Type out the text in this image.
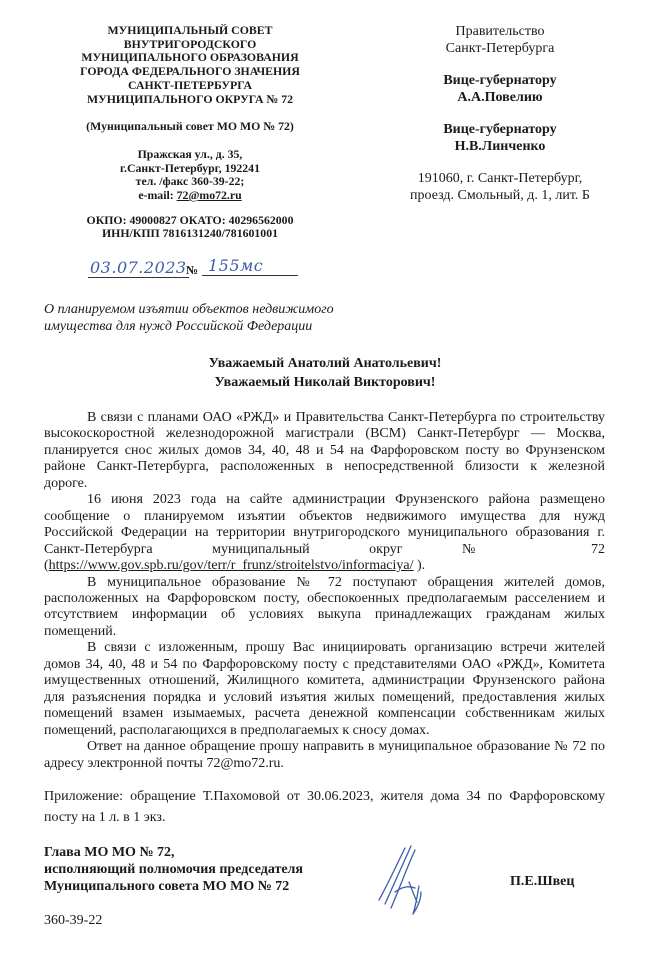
МУНИЦИПАЛЬНЫЙ СОВЕТ
ВНУТРИГОРОДСКОГО
МУНИЦИПАЛЬНОГО ОБРАЗОВАНИЯ
ГОРОДА ФЕДЕРАЛЬНОГО ЗНАЧЕНИЯ
САНКТ-ПЕТЕРБУРГА
МУНИЦИПАЛЬНОГО ОКРУГА № 72
(Муниципальный совет МО МО № 72)
Пражская ул., д. 35,
г.Санкт-Петербург, 192241
тел. /факс 360-39-22;
e-mail: 72@mo72.ru
ОКПО: 49000827 ОКАТО: 40296562000
ИНН/КПП 7816131240/781601001
Правительство
Санкт-Петербурга
Вице-губернатору
А.А.Повелию
Вице-губернатору
Н.В.Линченко
191060, г. Санкт-Петербург,
проезд. Смольный, д. 1, лит. Б
03.07.2023 № 155мс
О планируемом изъятии объектов недвижимого
имущества для нужд Российской Федерации
Уважаемый Анатолий Анатольевич!
Уважаемый Николай Викторович!
В связи с планами ОАО «РЖД» и Правительства Санкт-Петербурга по строительству
высокоскоростной железнодорожной магистрали (ВСМ) Санкт-Петербург — Москва,
планируется снос жилых домов 34, 40, 48 и 54 на Фарфоровском посту во Фрунзенском
районе Санкт-Петербурга, расположенных в непосредственной близости к железной
дороге.
16 июня 2023 года на сайте администрации Фрунзенского района размещено
сообщение о планируемом изъятии объектов недвижимого имущества для нужд
Российской Федерации на территории внутригородского муниципального образования г.
Санкт-Петербурга муниципальный округ № 72
(https://www.gov.spb.ru/gov/terr/r_frunz/stroitelstvo/informaciya/ ).
В муниципальное образование № 72 поступают обращения жителей домов,
расположенных на Фарфоровском посту, обеспокоенных предполагаемым расселением и
отсутствием информации об условиях выкупа принадлежащих гражданам жилых
помещений.
В связи с изложенным, прошу Вас инициировать организацию встречи жителей
домов 34, 40, 48 и 54 по Фарфоровскому посту с представителями ОАО «РЖД», Комитета
имущественных отношений, Жилищного комитета, администрации Фрунзенского района
для разъяснения порядка и условий изъятия жилых помещений, предоставления жилых
помещений взамен изымаемых, расчета денежной компенсации собственникам жилых
помещений, располагающихся в предполагаемых к сносу домах.
Ответ на данное обращение прошу направить в муниципальное образование № 72 по
адресу электронной почты 72@mo72.ru.
Приложение: обращение Т.Пахомовой от 30.06.2023, жителя дома 34 по Фарфоровскому
посту на 1 л. в 1 экз.
Глава МО МО № 72,
исполняющий полномочия председателя
Муниципального совета МО МО № 72	П.Е.Швец
360-39-22
